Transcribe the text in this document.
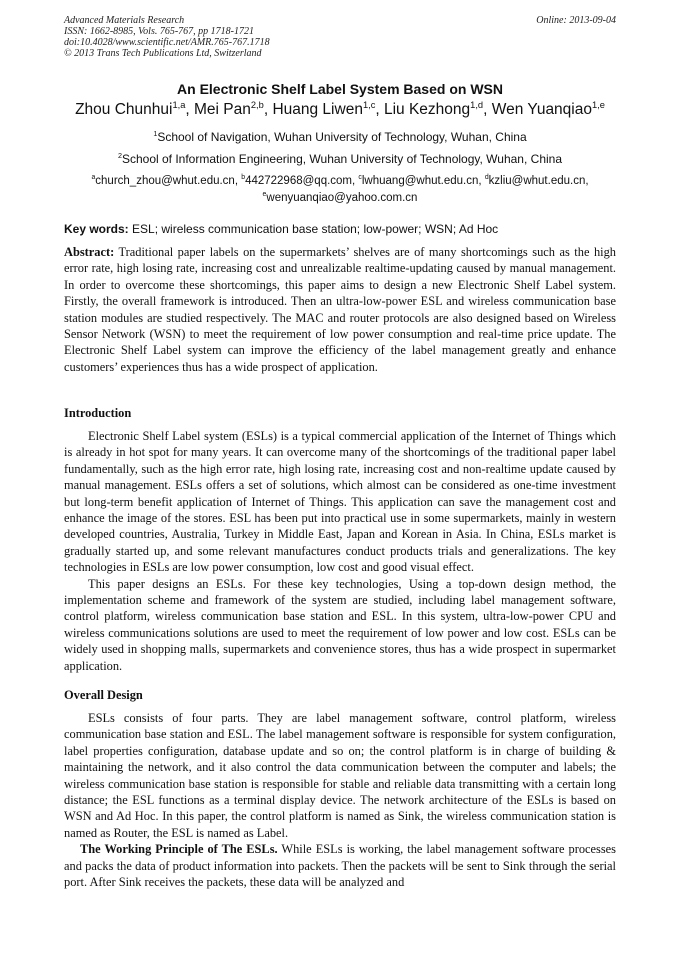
Advanced Materials Research
ISSN: 1662-8985, Vols. 765-767, pp 1718-1721
doi:10.4028/www.scientific.net/AMR.765-767.1718
© 2013 Trans Tech Publications Ltd, Switzerland
Online: 2013-09-04
An Electronic Shelf Label System Based on WSN
Zhou Chunhui$^{1,a}$, Mei Pan$^{2,b}$, Huang Liwen$^{1,c}$, Liu Kezhong$^{1,d}$, Wen Yuanqiao$^{1,e}$
$^1$School of Navigation, Wuhan University of Technology, Wuhan, China
$^2$School of Information Engineering, Wuhan University of Technology, Wuhan, China
$^a$church_zhou@whut.edu.cn, $^b$442722968@qq.com, $^c$lwhuang@whut.edu.cn, $^d$kzliu@whut.edu.cn,
$^e$wenyuanqiao@yahoo.com.cn
Key words: ESL; wireless communication base station; low-power; WSN; Ad Hoc

Abstract: Traditional paper labels on the supermarkets’ shelves are of many shortcomings such as the high error rate, high losing rate, increasing cost and unrealizable realtime-updating caused by manual management. In order to overcome these shortcomings, this paper aims to design a new Electronic Shelf Label system. Firstly, the overall framework is introduced. Then an ultra-low-power ESL and wireless communication base station modules are studied respectively. The MAC and router protocols are also designed based on Wireless Sensor Network (WSN) to meet the requirement of low power consumption and real-time price update. The Electronic Shelf Label system can improve the efficiency of the label management greatly and enhance customers’ experiences thus has a wide prospect of application.

Introduction

Electronic Shelf Label system (ESLs) is a typical commercial application of the Internet of Things which is already in hot spot for many years. It can overcome many of the shortcomings of the traditional paper label fundamentally, such as the high error rate, high losing rate, increasing cost and non-realtime update caused by manual management. ESLs offers a set of solutions, which almost can be considered as one-time investment but long-term benefit application of Internet of Things. This application can save the management cost and enhance the image of the stores. ESL has been put into practical use in some supermarkets, mainly in western developed countries, Australia, Turkey in Middle East, Japan and Korean in Asia. In China, ESLs market is gradually started up, and some relevant manufactures conduct products trials and generalizations. The key technologies in ESLs are low power consumption, low cost and good visual effect.

This paper designs an ESLs. For these key technologies, Using a top-down design method, the implementation scheme and framework of the system are studied, including label management software, control platform, wireless communication base station and ESL. In this system, ultra-low-power CPU and wireless communications solutions are used to meet the requirement of low power and low cost. ESLs can be widely used in shopping malls, supermarkets and convenience stores, thus has a wide prospect in supermarket application.

Overall Design

ESLs consists of four parts. They are label management software, control platform, wireless communication base station and ESL. The label management software is responsible for system configuration, label properties configuration, database update and so on; the control platform is in charge of building & maintaining the network, and it also control the data communication between the computer and labels; the wireless communication base station is responsible for stable and reliable data transmitting with a certain long distance; the ESL functions as a terminal display device. The network architecture of the ESLs is based on WSN and Ad Hoc. In this paper, the control platform is named as Sink, the wireless communication station is named as Router, the ESL is named as Label.

The Working Principle of The ESLs. While ESLs is working, the label management software processes and packs the data of product information into packets. Then the packets will be sent to Sink through the serial port. After Sink receives the packets, these data will be analyzed and
